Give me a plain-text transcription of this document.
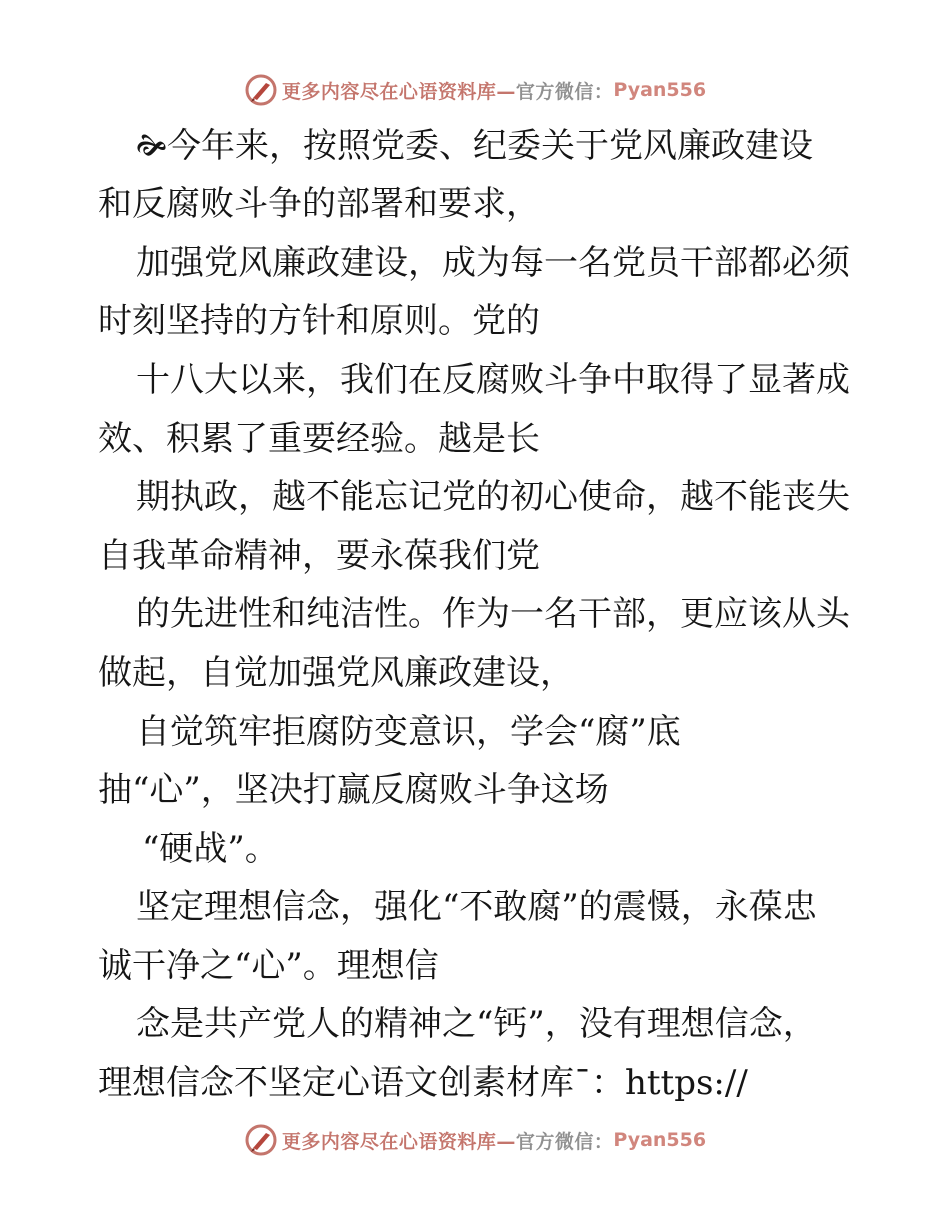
更多内容尽在心语资料库—官方微信： Pyan556
🙞今年来，按照党委、纪委关于党风廉政建设
和反腐败斗争的部署和要求，
加强党风廉政建设，成为每一名党员干部都必须
时刻坚持的方针和原则。党的
十八大以来，我们在反腐败斗争中取得了显著成
效、积累了重要经验。越是长
期执政，越不能忘记党的初心使命，越不能丧失
自我革命精神，要永葆我们党
的先进性和纯洁性。作为一名干部，更应该从头
做起，自觉加强党风廉政建设，
自觉筑牢拒腐防变意识，学会“腐”底
抽“心”，坚决打赢反腐败斗争这场
“硬战”。
坚定理想信念，强化“不敢腐”的震慑，永葆忠
诚干净之“心”。理想信
念是共产党人的精神之“钙”，没有理想信念，
理想信念不坚定心语文创素材库¯：https://
更多内容尽在心语资料库—官方微信： Pyan556
